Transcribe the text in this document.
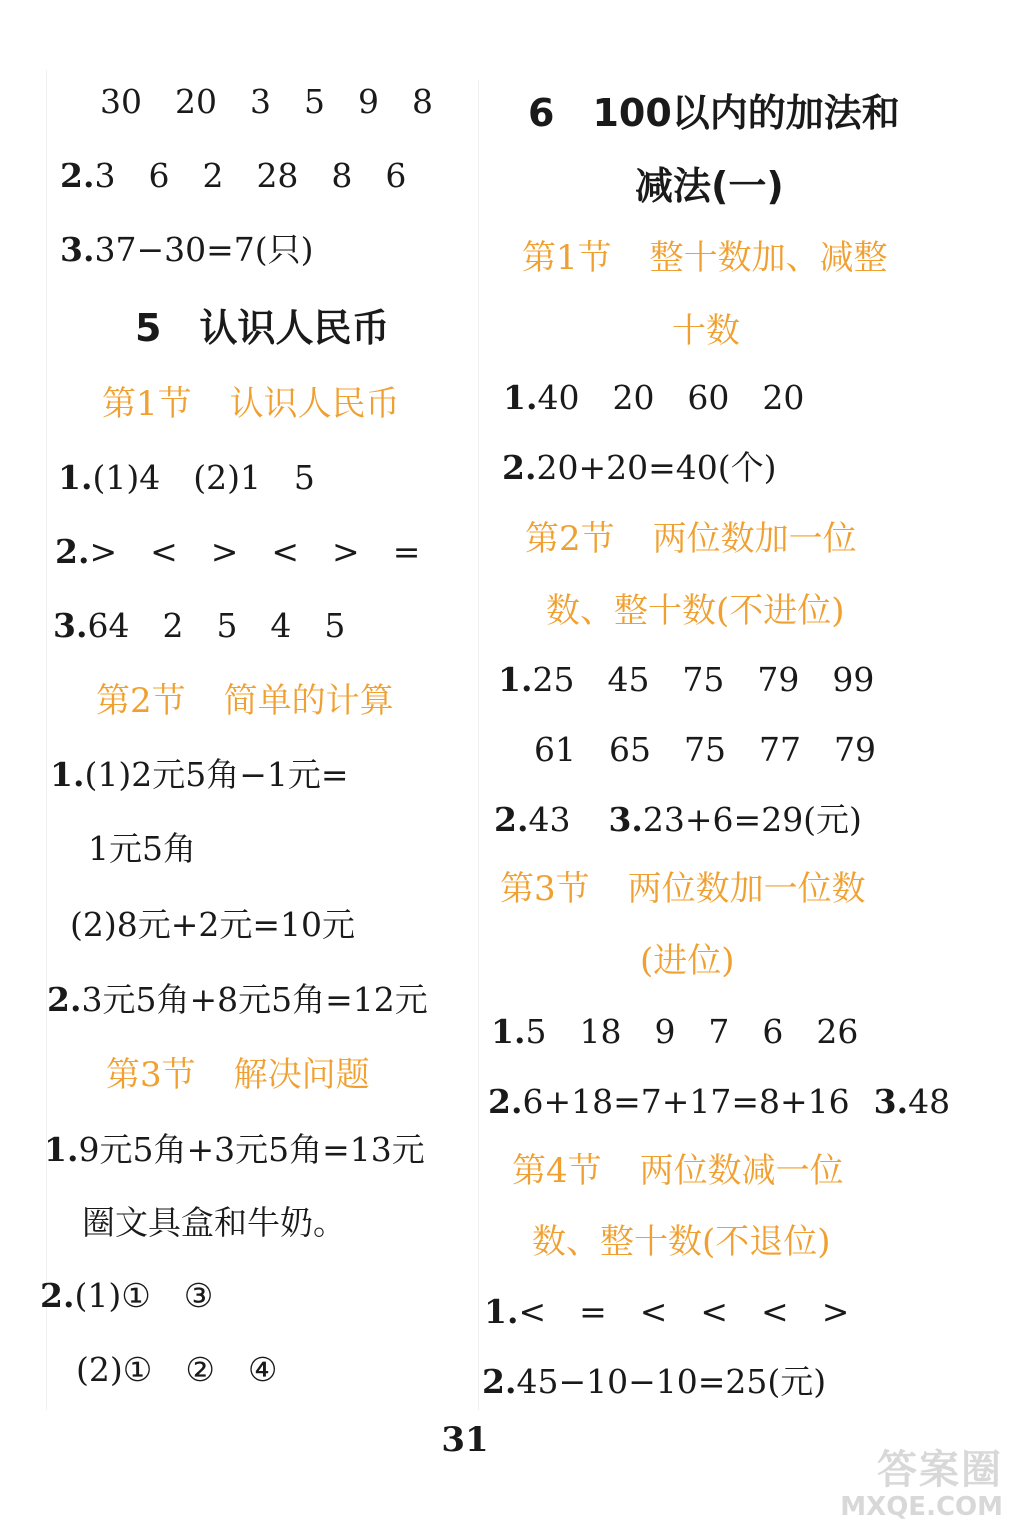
30　20　3　5　9　8
2.3　6　2　28　8　6
3.37−30=7(只)
5　认识人民币
第1节 认识人民币
1.(1)4　(2)1　5
2.>　<　>　<　>　=
3.64　2　5　4　5
第2节 简单的计算
1.(1)2元5角−1元=
1元5角
(2)8元+2元=10元
2.3元5角+8元5角=12元
第3节 解决问题
1.9元5角+3元5角=13元
圈文具盒和牛奶。
2.(1)①　③
(2)①　②　④
6　100以内的加法和
减法(一)
第1节 整十数加、减整
十数
1.40　20　60　20
2.20+20=40(个)
第2节 两位数加一位
数、整十数(不进位)
1.25　45　75　79　99
61　65　75　77　79
2.43 3.23+6=29(元)
第3节 两位数加一位数
(进位)
1.5　18　9　7　6　26
2.6+18=7+17=8+16 3.48
第4节 两位数减一位
数、整十数(不退位)
1.<　=　<　<　<　>
2.45−10−10=25(元)
31
答案圈
MXQE.COM
